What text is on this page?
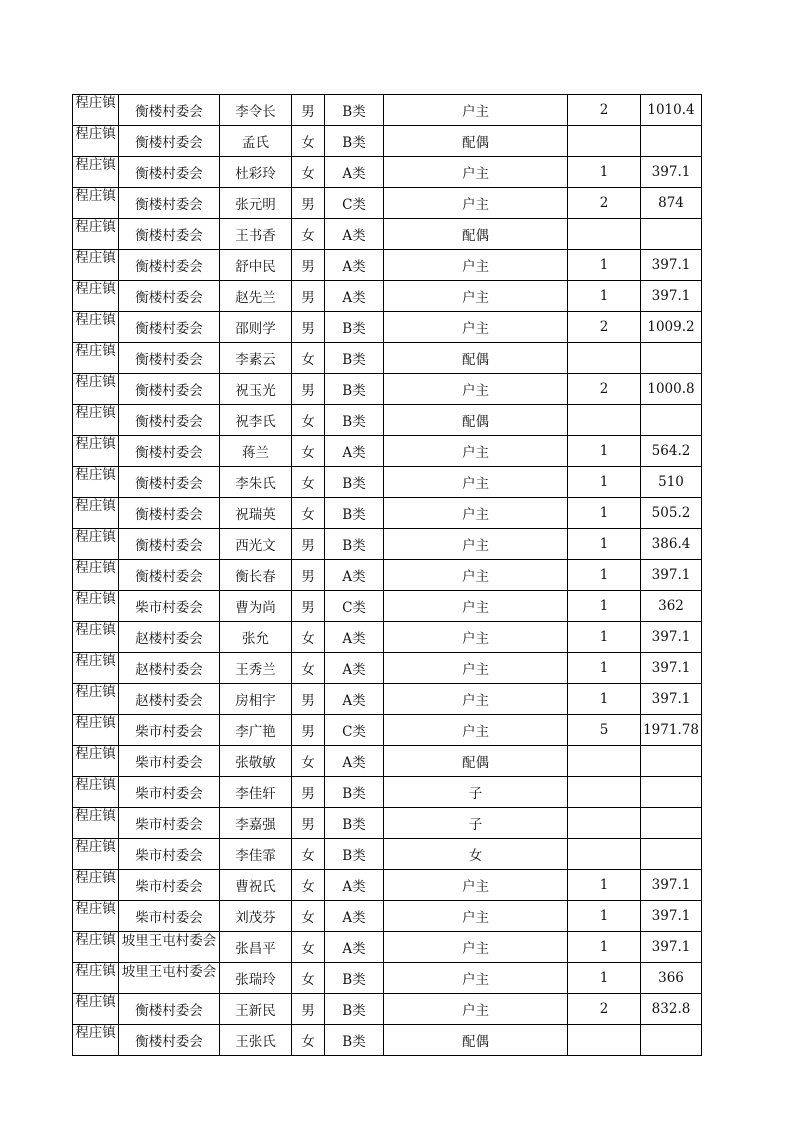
程庄镇	衡楼村委会	李令长	男	B类	户主	2	1010.4

程庄镇	衡楼村委会	孟氏	女	B类	配偶		

程庄镇	衡楼村委会	杜彩玲	女	A类	户主	1	397.1

程庄镇	衡楼村委会	张元明	男	C类	户主	2	874

程庄镇	衡楼村委会	王书香	女	A类	配偶		

程庄镇	衡楼村委会	舒中民	男	A类	户主	1	397.1

程庄镇	衡楼村委会	赵先兰	男	A类	户主	1	397.1

程庄镇	衡楼村委会	邵则学	男	B类	户主	2	1009.2

程庄镇	衡楼村委会	李素云	女	B类	配偶		

程庄镇	衡楼村委会	祝玉光	男	B类	户主	2	1000.8

程庄镇	衡楼村委会	祝李氏	女	B类	配偶		

程庄镇	衡楼村委会	蒋兰	女	A类	户主	1	564.2

程庄镇	衡楼村委会	李朱氏	女	B类	户主	1	510

程庄镇	衡楼村委会	祝瑞英	女	B类	户主	1	505.2

程庄镇	衡楼村委会	西光文	男	B类	户主	1	386.4

程庄镇	衡楼村委会	衡长春	男	A类	户主	1	397.1

程庄镇	柴市村委会	曹为尚	男	C类	户主	1	362

程庄镇	赵楼村委会	张允	女	A类	户主	1	397.1

程庄镇	赵楼村委会	王秀兰	女	A类	户主	1	397.1

程庄镇	赵楼村委会	房相宇	男	A类	户主	1	397.1

程庄镇	柴市村委会	李广艳	男	C类	户主	5	1971.78

程庄镇	柴市村委会	张敬敏	女	A类	配偶		

程庄镇	柴市村委会	李佳轩	男	B类	子		

程庄镇	柴市村委会	李嘉强	男	B类	子		

程庄镇	柴市村委会	李佳霏	女	B类	女		

程庄镇	柴市村委会	曹祝氏	女	A类	户主	1	397.1

程庄镇	柴市村委会	刘茂芬	女	A类	户主	1	397.1

程庄镇	坡里王屯村委会	张昌平	女	A类	户主	1	397.1

程庄镇	坡里王屯村委会	张瑞玲	女	B类	户主	1	366

程庄镇	衡楼村委会	王新民	男	B类	户主	2	832.8

程庄镇	衡楼村委会	王张氏	女	B类	配偶		
